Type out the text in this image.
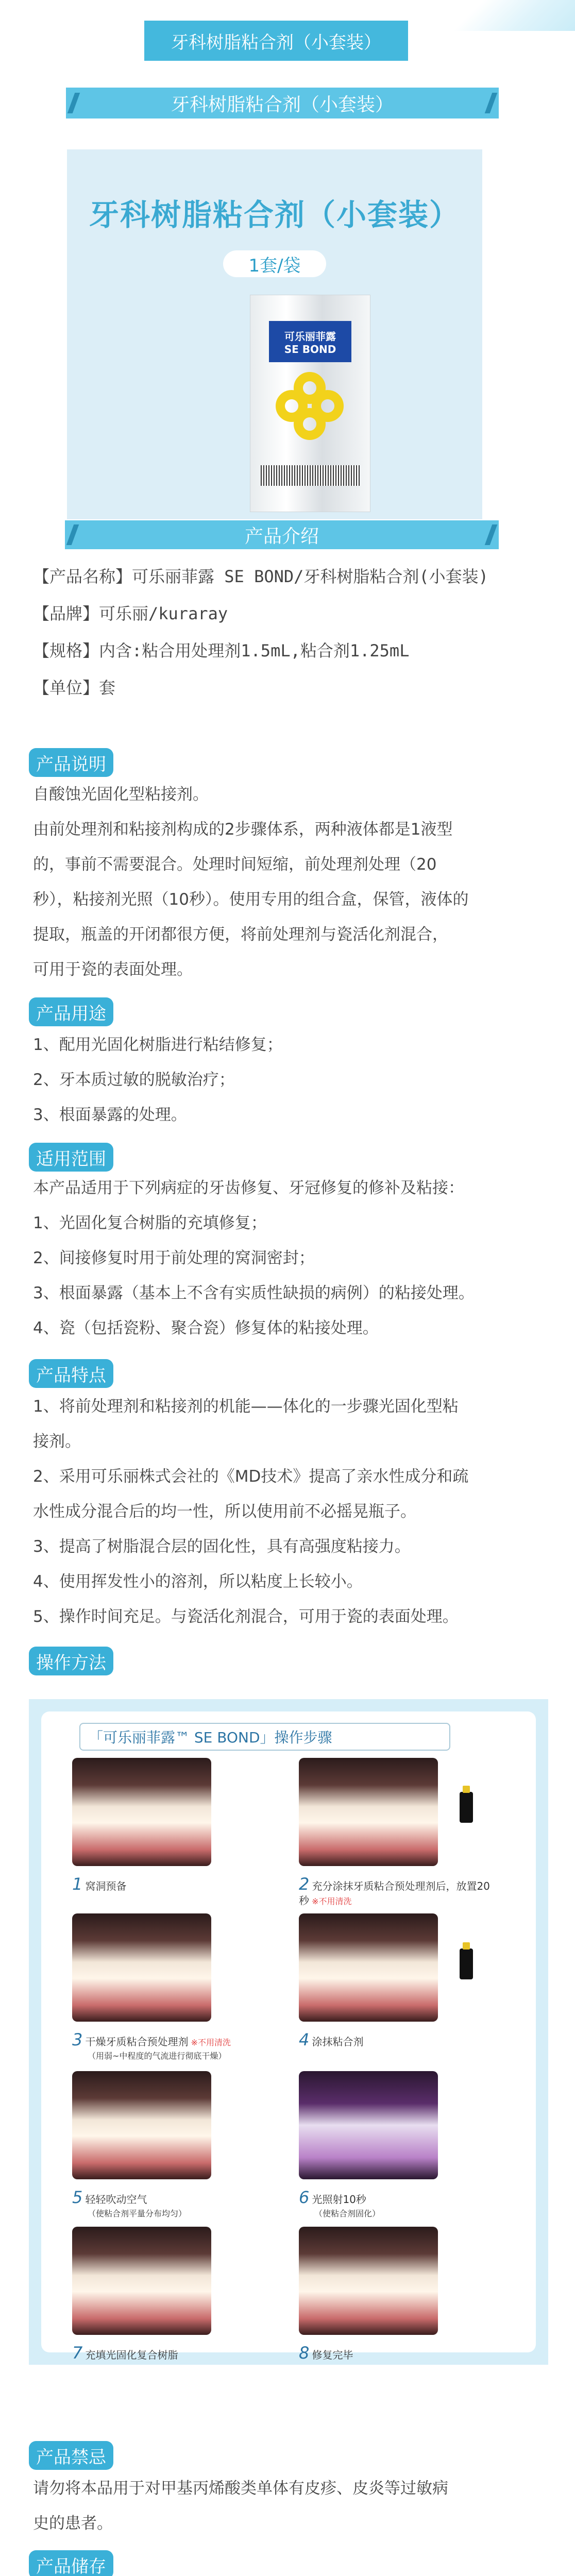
牙科树脂粘合剂（小套装）
牙科树脂粘合剂（小套装）
牙科树脂粘合剂（小套装）
1套/袋
可乐丽菲露
SE BOND
产品介绍
【产品名称】可乐丽菲露 SE BOND/牙科树脂粘合剂(小套装)
【品牌】可乐丽/kuraray
【规格】内含:粘合用处理剂1.5mL,粘合剂1.25mL
【单位】套
产品说明
自酸蚀光固化型粘接剂。
由前处理剂和粘接剂构成的2步骤体系，两种液体都是1液型
的，事前不需要混合。处理时间短缩，前处理剂处理（20
秒），粘接剂光照（10秒）。使用专用的组合盒，保管，液体的
提取，瓶盖的开闭都很方便，将前处理剂与瓷活化剂混合，
可用于瓷的表面处理。
产品用途
1、配用光固化树脂进行粘结修复；
2、牙本质过敏的脱敏治疗；
3、根面暴露的处理。
适用范围
本产品适用于下列病症的牙齿修复、牙冠修复的修补及粘接：
1、光固化复合树脂的充填修复；
2、间接修复时用于前处理的窝洞密封；
3、根面暴露（基本上不含有实质性缺损的病例）的粘接处理。
4、瓷（包括瓷粉、聚合瓷）修复体的粘接处理。
产品特点
1、将前处理剂和粘接剂的机能——体化的一步骤光固化型粘
接剂。
2、采用可乐丽株式会社的《MD技术》提高了亲水性成分和疏
水性成分混合后的均一性，所以使用前不必摇晃瓶子。
3、提高了树脂混合层的固化性，具有高强度粘接力。
4、使用挥发性小的溶剂，所以粘度上长较小。
5、操作时间充足。与瓷活化剂混合，可用于瓷的表面处理。
操作方法
「可乐丽菲露™ SE BOND」操作步骤
1 窝洞预备	2 充分涂抹牙质粘合预处理剂后，放置20秒 ※不用清洗
3 干燥牙质粘合预处理剂 ※不用清洗
（用弱~中程度的气流进行彻底干燥）
4 涂抹粘合剂
5 轻轻吹动空气
（使粘合剂平量分布均匀）
6 光照射10秒
（使粘合剂固化）
7 充填光固化复合树脂	8 修复完毕
产品禁忌
请勿将本品用于对甲基丙烯酸类单体有皮疹、皮炎等过敏病
史的患者。
产品储存
